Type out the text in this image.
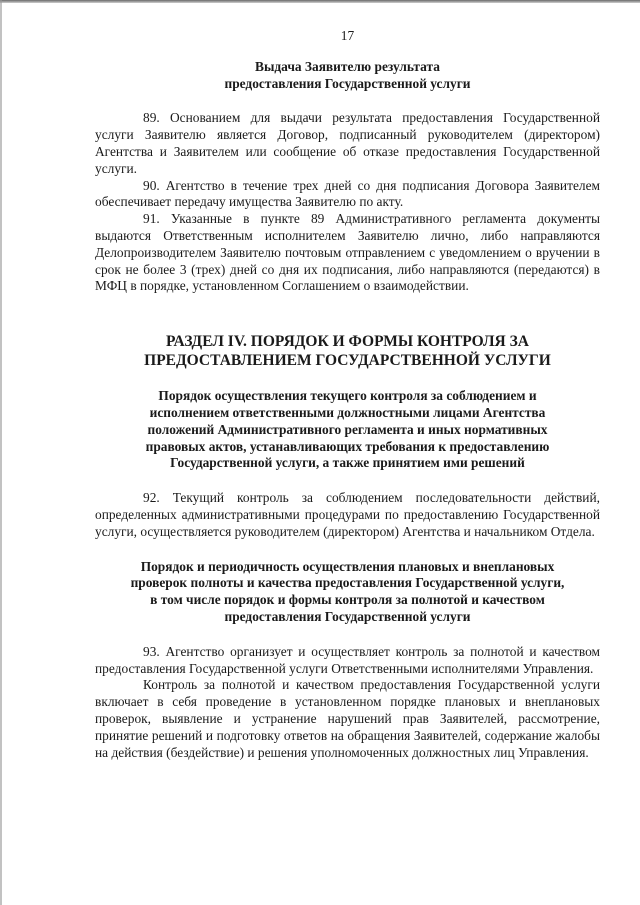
17
Выдача Заявителю результата
предоставления Государственной услуги

89. Основанием для выдачи результата предоставления Государственной услуги Заявителю является Договор, подписанный руководителем (директором) Агентства и Заявителем или сообщение об отказе предоставления Государственной услуги.

90. Агентство в течение трех дней со дня подписания Договора Заявителем обеспечивает передачу имущества Заявителю по акту.

91. Указанные в пункте 89 Административного регламента документы выдаются Ответственным исполнителем Заявителю лично, либо направляются Делопроизводителем Заявителю почтовым отправлением с уведомлением о вручении в срок не более 3 (трех) дней со дня их подписания, либо направляются (передаются) в МФЦ в порядке, установленном Соглашением о взаимодействии.

РАЗДЕЛ IV. ПОРЯДОК И ФОРМЫ КОНТРОЛЯ ЗА
ПРЕДОСТАВЛЕНИЕМ ГОСУДАРСТВЕННОЙ УСЛУГИ
Порядок осуществления текущего контроля за соблюдением и
исполнением ответственными должностными лицами Агентства
положений Административного регламента и иных нормативных
правовых актов, устанавливающих требования к предоставлению
Государственной услуги, а также принятием ими решений

92. Текущий контроль за соблюдением последовательности действий, определенных административными процедурами по предоставлению Государственной услуги, осуществляется руководителем (директором) Агентства и начальником Отдела.

Порядок и периодичность осуществления плановых и внеплановых
проверок полноты и качества предоставления Государственной услуги,
в том числе порядок и формы контроля за полнотой и качеством
предоставления Государственной услуги

93. Агентство организует и осуществляет контроль за полнотой и качеством предоставления Государственной услуги Ответственными исполнителями Управления.

Контроль за полнотой и качеством предоставления Государственной услуги включает в себя проведение в установленном порядке плановых и внеплановых проверок, выявление и устранение нарушений прав Заявителей, рассмотрение, принятие решений и подготовку ответов на обращения Заявителей, содержание жалобы на действия (бездействие) и решения уполномоченных должностных лиц Управления.
